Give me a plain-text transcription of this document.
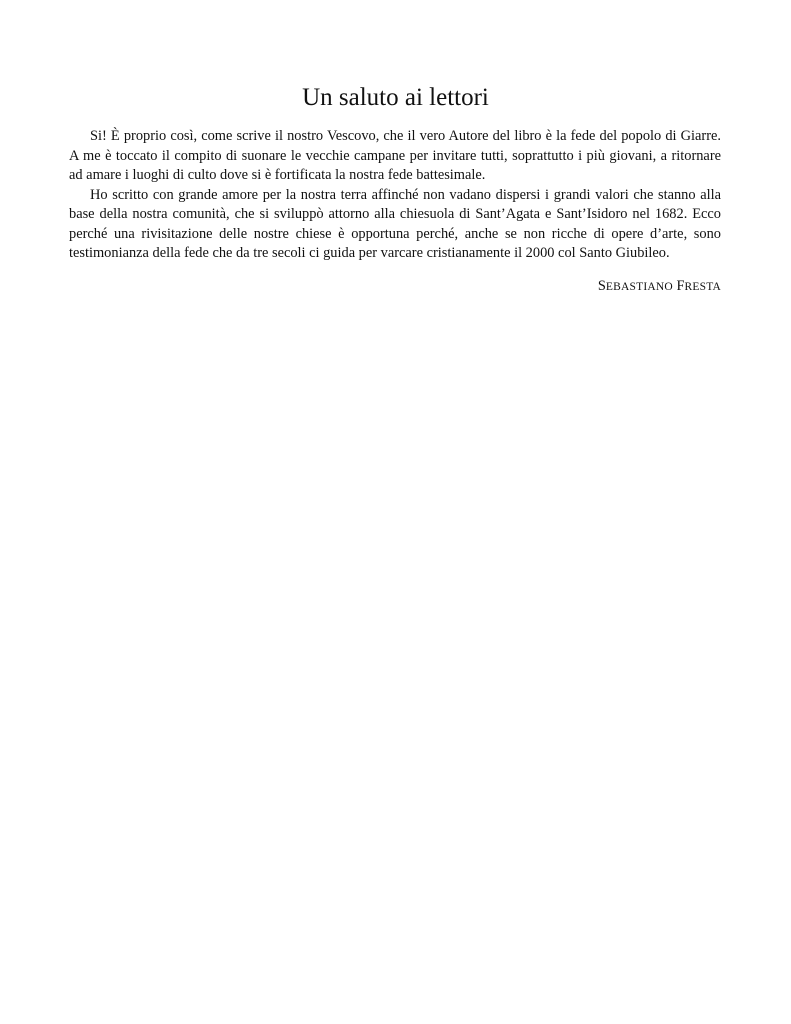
Un saluto ai lettori

Si! È proprio così, come scrive il nostro Vescovo, che il vero Autore del libro è la fede del popolo di Giarre. A me è toccato il compito di suonare le vecchie campane per invitare tutti, soprattutto i più giovani, a ritornare ad amare i luoghi di culto dove si è fortificata la nostra fede battesimale.

Ho scritto con grande amore per la nostra terra affinché non vadano dispersi i grandi valori che stanno alla base della nostra comunità, che si sviluppò attorno alla chiesuola di Sant’Agata e Sant’Isidoro nel 1682. Ecco perché una rivisitazione delle nostre chiese è opportuna perché, anche se non ricche di opere d’arte, sono testimonianza della fede che da tre secoli ci guida per varcare cristianamente il 2000 col Santo Giubileo.

SEBASTIANO FRESTA
